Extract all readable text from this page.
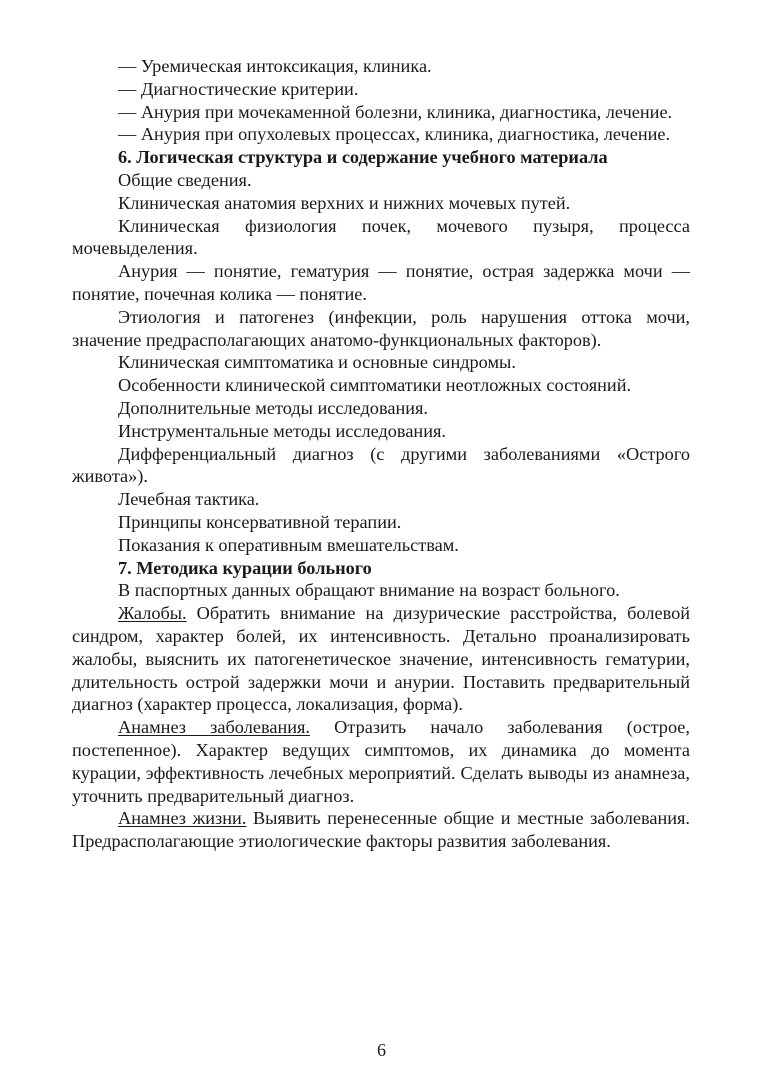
— Уремическая интоксикация, клиника.

— Диагностические критерии.

— Анурия при мочекаменной болезни, клиника, диагностика, лечение.

— Анурия при опухолевых процессах, клиника, диагностика, лечение.

6. Логическая структура и содержание учебного материала

Общие сведения.

Клиническая анатомия верхних и нижних мочевых путей.

Клиническая физиология почек, мочевого пузыря, процесса мочевыделения.

Анурия — понятие, гематурия — понятие, острая задержка мочи — понятие, почечная колика — понятие.

Этиология и патогенез (инфекции, роль нарушения оттока мочи, значение предрасполагающих анатомо-функциональных факторов).

Клиническая симптоматика и основные синдромы.

Особенности клинической симптоматики неотложных состояний.

Дополнительные методы исследования.

Инструментальные методы исследования.

Дифференциальный диагноз (с другими заболеваниями «Острого живота»).

Лечебная тактика.

Принципы консервативной терапии.

Показания к оперативным вмешательствам.

7. Методика курации больного

В паспортных данных обращают внимание на возраст больного.

Жалобы. Обратить внимание на дизурические расстройства, болевой синдром, характер болей, их интенсивность. Детально проанализировать жалобы, выяснить их патогенетическое значение, интенсивность гематурии, длительность острой задержки мочи и анурии. Поставить предварительный диагноз (характер процесса, локализация, форма).

Анамнез заболевания. Отразить начало заболевания (острое, постепенное). Характер ведущих симптомов, их динамика до момента курации, эффективность лечебных мероприятий. Сделать выводы из анамнеза, уточнить предварительный диагноз.

Анамнез жизни. Выявить перенесенные общие и местные заболевания. Предрасполагающие этиологические факторы развития заболевания.

6
